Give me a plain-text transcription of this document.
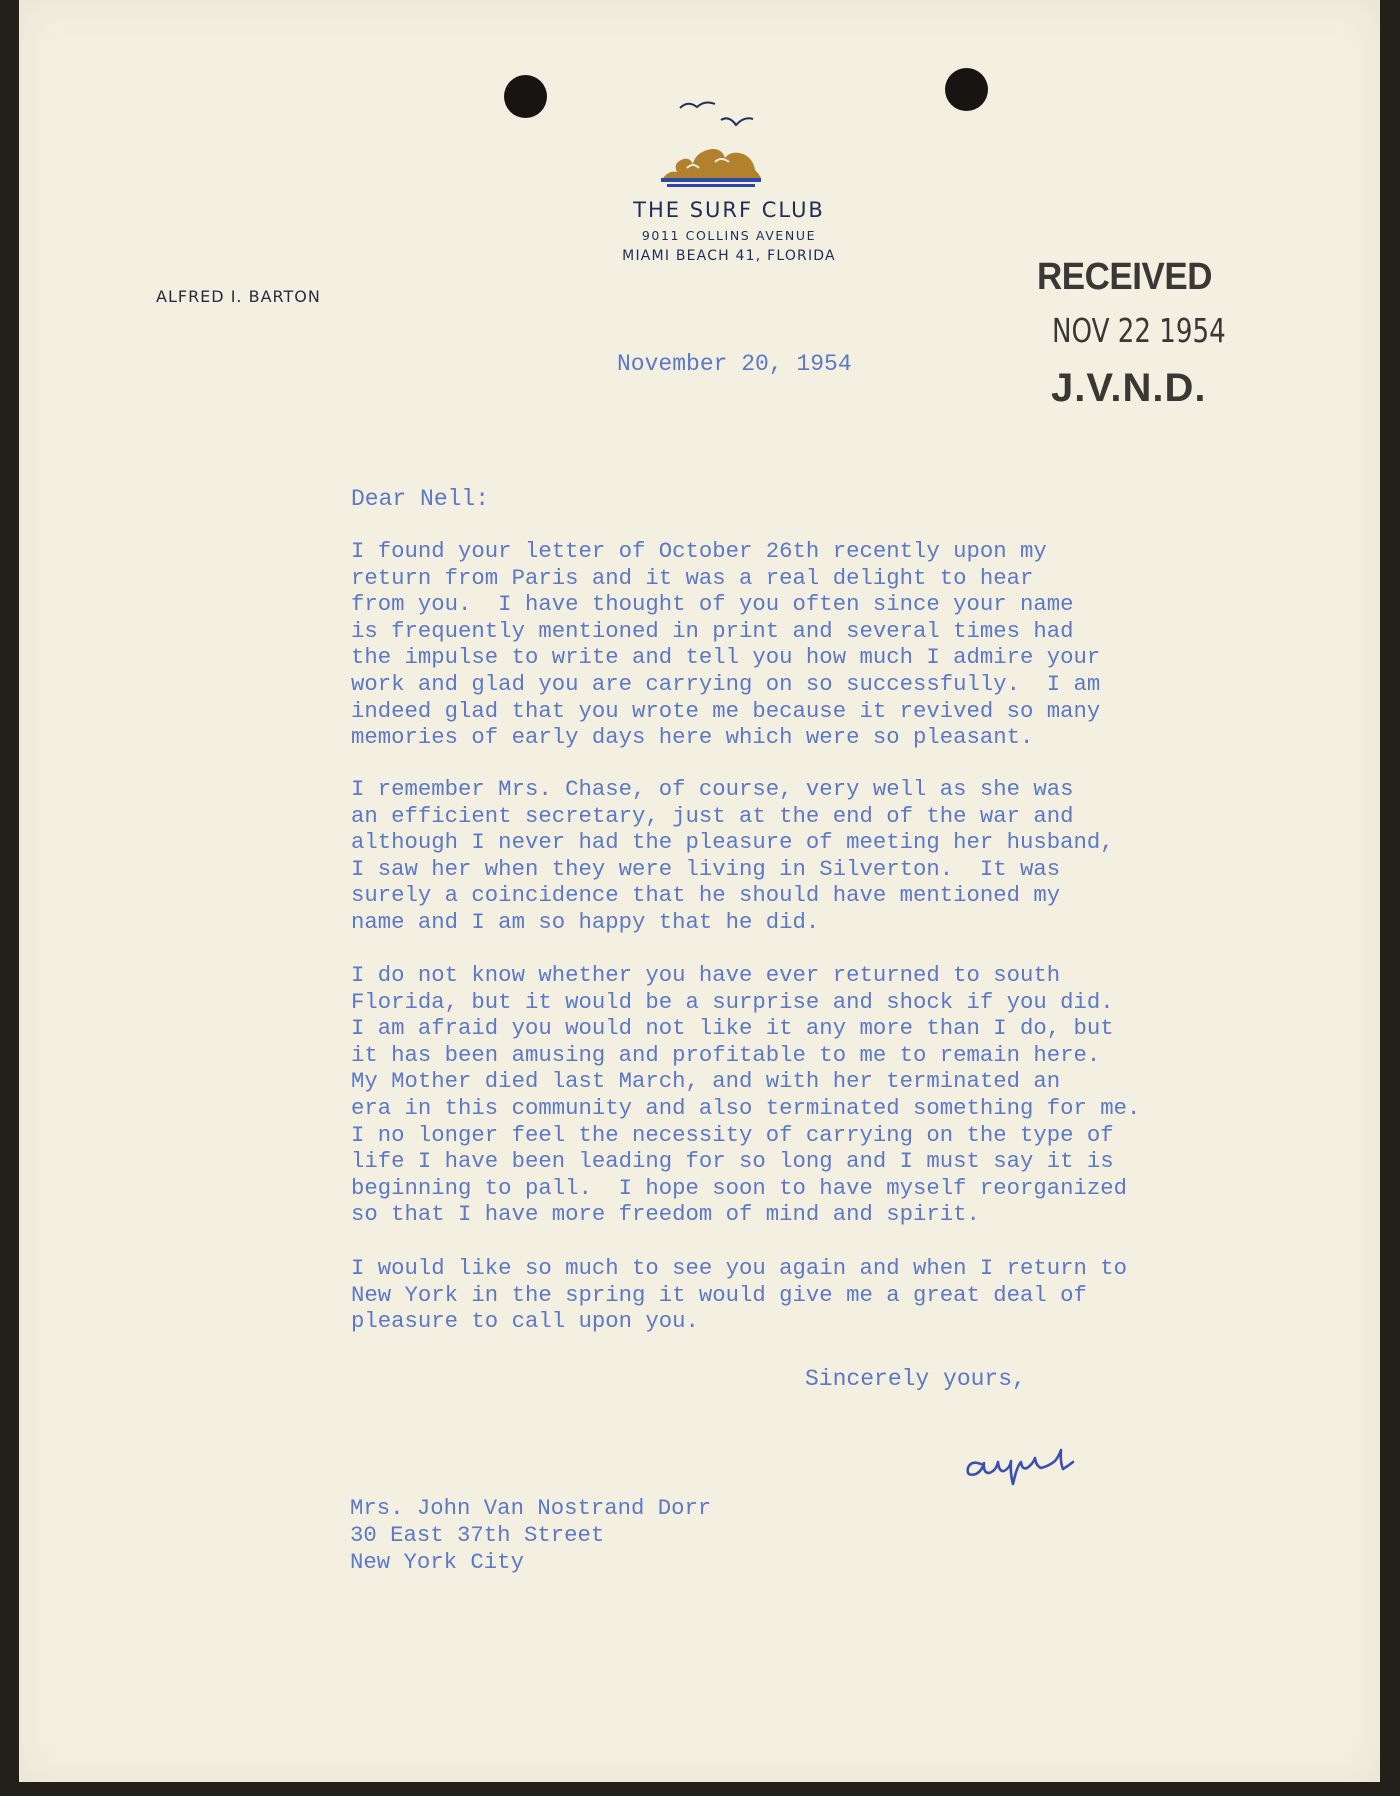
THE SURF CLUB
9011 COLLINS AVENUE
MIAMI BEACH 41, FLORIDA
ALFRED I. BARTON	RECEIVED
NOV 22 1954
J.V.N.D.
November 20, 1954
Dear Nell:
I found your letter of October 26th recently upon my
return from Paris and it was a real delight to hear
from you.  I have thought of you often since your name
is frequently mentioned in print and several times had
the impulse to write and tell you how much I admire your
work and glad you are carrying on so successfully.  I am
indeed glad that you wrote me because it revived so many
memories of early days here which were so pleasant.
I remember Mrs. Chase, of course, very well as she was
an efficient secretary, just at the end of the war and
although I never had the pleasure of meeting her husband,
I saw her when they were living in Silverton.  It was
surely a coincidence that he should have mentioned my
name and I am so happy that he did.
I do not know whether you have ever returned to south
Florida, but it would be a surprise and shock if you did.
I am afraid you would not like it any more than I do, but
it has been amusing and profitable to me to remain here.
My Mother died last March, and with her terminated an
era in this community and also terminated something for me.
I no longer feel the necessity of carrying on the type of
life I have been leading for so long and I must say it is
beginning to pall.  I hope soon to have myself reorganized
so that I have more freedom of mind and spirit.
I would like so much to see you again and when I return to
New York in the spring it would give me a great deal of
pleasure to call upon you.
Sincerely yours,
Mrs. John Van Nostrand Dorr
30 East 37th Street
New York City
